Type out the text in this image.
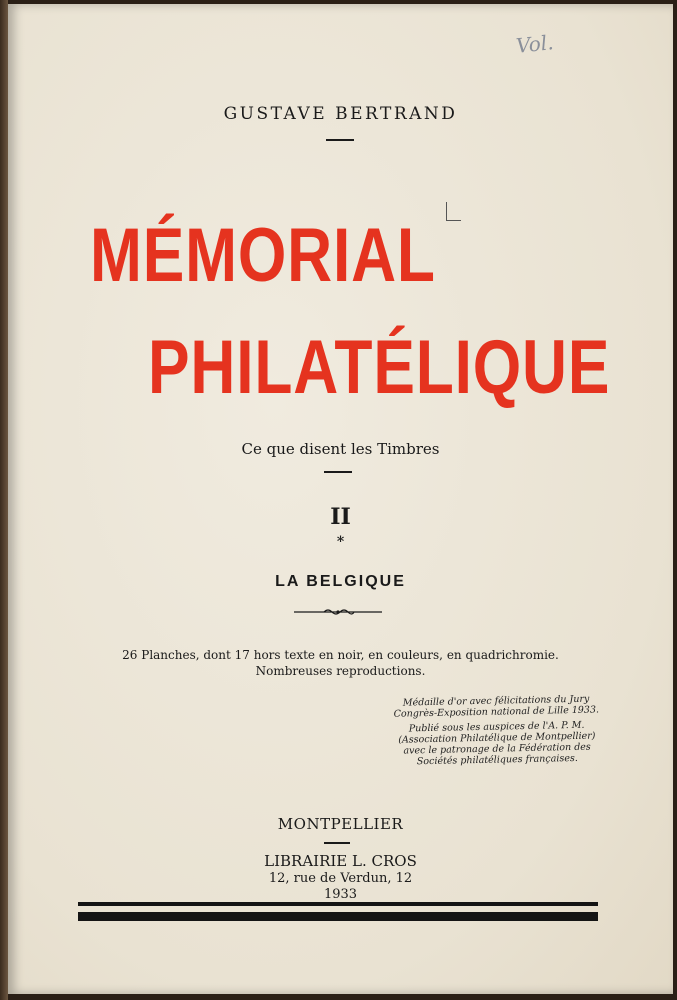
Vol.
GUSTAVE BERTRAND
MÉMORIAL
PHILATÉLIQUE
Ce que disent les Timbres
II
*
LA BELGIQUE
26 Planches, dont 17 hors texte en noir, en couleurs, en quadrichromie.
Nombreuses reproductions.

Médaille d'or avec félicitations du Jury
Congrès-Exposition national de Lille 1933.

Publié sous les auspices de l'A. P. M.
(Association Philatélique de Montpellier)
avec le patronage de la Fédération des
Sociétés philatéliques françaises.

MONTPELLIER
LIBRAIRIE L. CROS
12, rue de Verdun, 12
1933
